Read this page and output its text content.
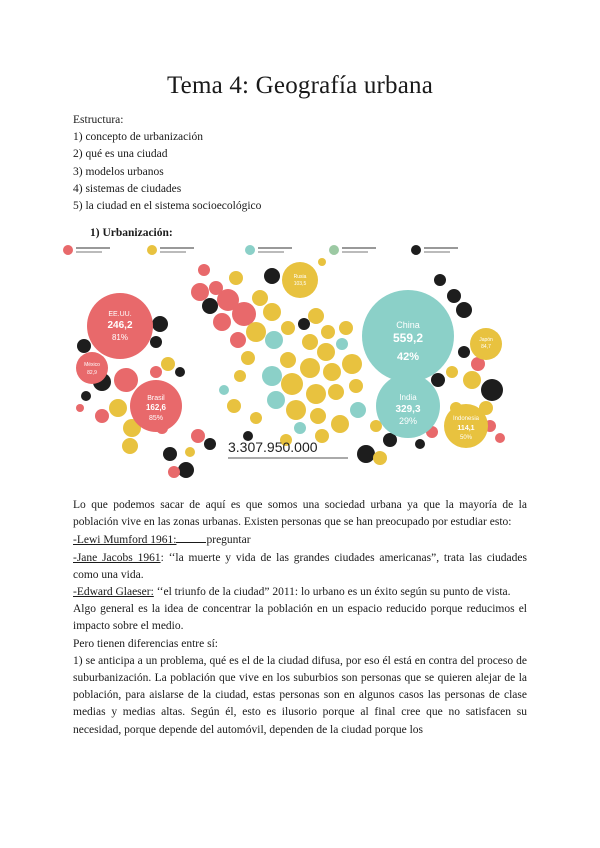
Tema 4: Geografía urbana
Estructura:
1) concepto de urbanización
2) qué es una ciudad
3) modelos urbanos
4) sistemas de ciudades
5) la ciudad en el sistema socioecológico
1) Urbanización:
EE.UU.
246,2
81%
México
82,9
Rusia
103,5
China
559,2
42%
India
329,3
29%
Brasil
162,6
85%	Indonesia
114,1
50%
Japón
84,7
3.307.950.000

Lo que podemos sacar de aquí es que somos una sociedad urbana ya que la mayoría de la población vive en las zonas urbanas. Existen personas que se han preocupado por estudiar esto:

-Lewi Mumford 1961:	preguntar

-Jane Jacobs 1961: ‘‘la muerte y vida de las grandes ciudades americanas”, trata las ciudades como una vida.

-Edward Glaeser: ‘‘el triunfo de la ciudad” 2011: lo urbano es un éxito según su punto de vista.

Algo general es la idea de concentrar la población en un espacio reducido porque reducimos el impacto sobre el medio.

Pero tienen diferencias entre sí:

1) se anticipa a un problema, qué es el de la ciudad difusa, por eso él está en contra del proceso de suburbanización. La población que vive en los suburbios son personas que se quieren alejar de la población, para aislarse de la ciudad, estas personas son en algunos casos las personas de clase medias y medias altas. Según él, esto es ilusorio porque al final cree que no satisfacen su necesidad, porque depende del automóvil, dependen de la ciudad porque los
